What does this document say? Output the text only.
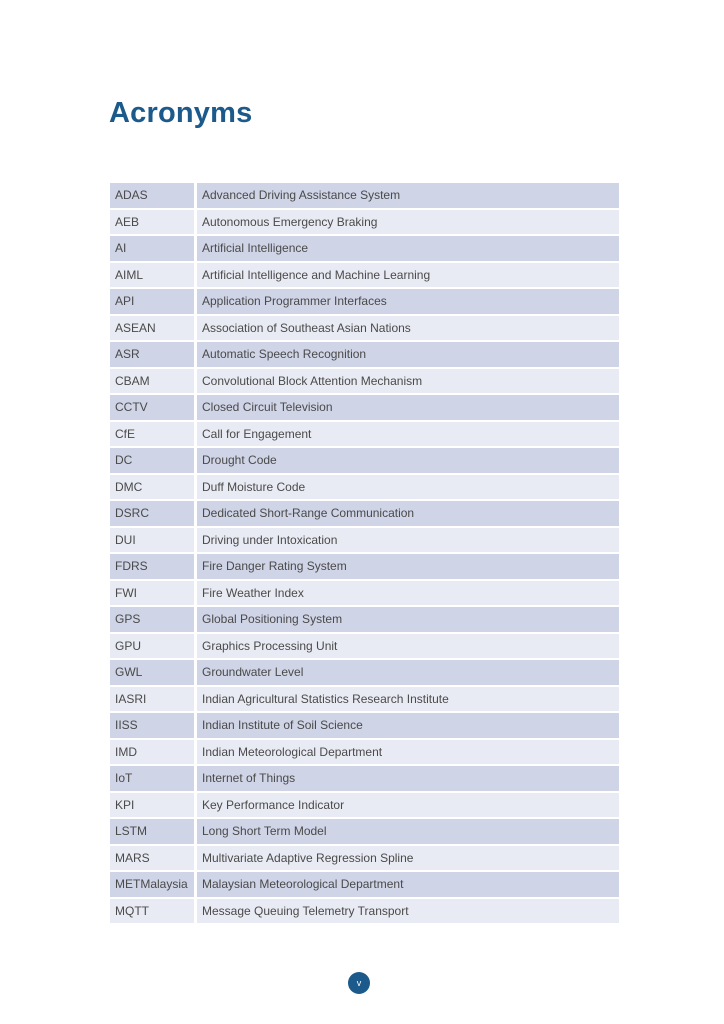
Acronyms
ADAS	Advanced Driving Assistance System
AEB	Autonomous Emergency Braking
AI	Artificial Intelligence
AIML	Artificial Intelligence and Machine Learning
API	Application Programmer Interfaces
ASEAN	Association of Southeast Asian Nations
ASR	Automatic Speech Recognition
CBAM	Convolutional Block Attention Mechanism
CCTV	Closed Circuit Television
CfE	Call for Engagement
DC	Drought Code
DMC	Duff Moisture Code
DSRC	Dedicated Short-Range Communication
DUI	Driving under Intoxication
FDRS	Fire Danger Rating System
FWI	Fire Weather Index
GPS	Global Positioning System
GPU	Graphics Processing Unit
GWL	Groundwater Level
IASRI	Indian Agricultural Statistics Research Institute
IISS	Indian Institute of Soil Science
IMD	Indian Meteorological Department
IoT	Internet of Things
KPI	Key Performance Indicator
LSTM	Long Short Term Model
MARS	Multivariate Adaptive Regression Spline
METMalaysia	Malaysian Meteorological Department
MQTT	Message Queuing Telemetry Transport
v
